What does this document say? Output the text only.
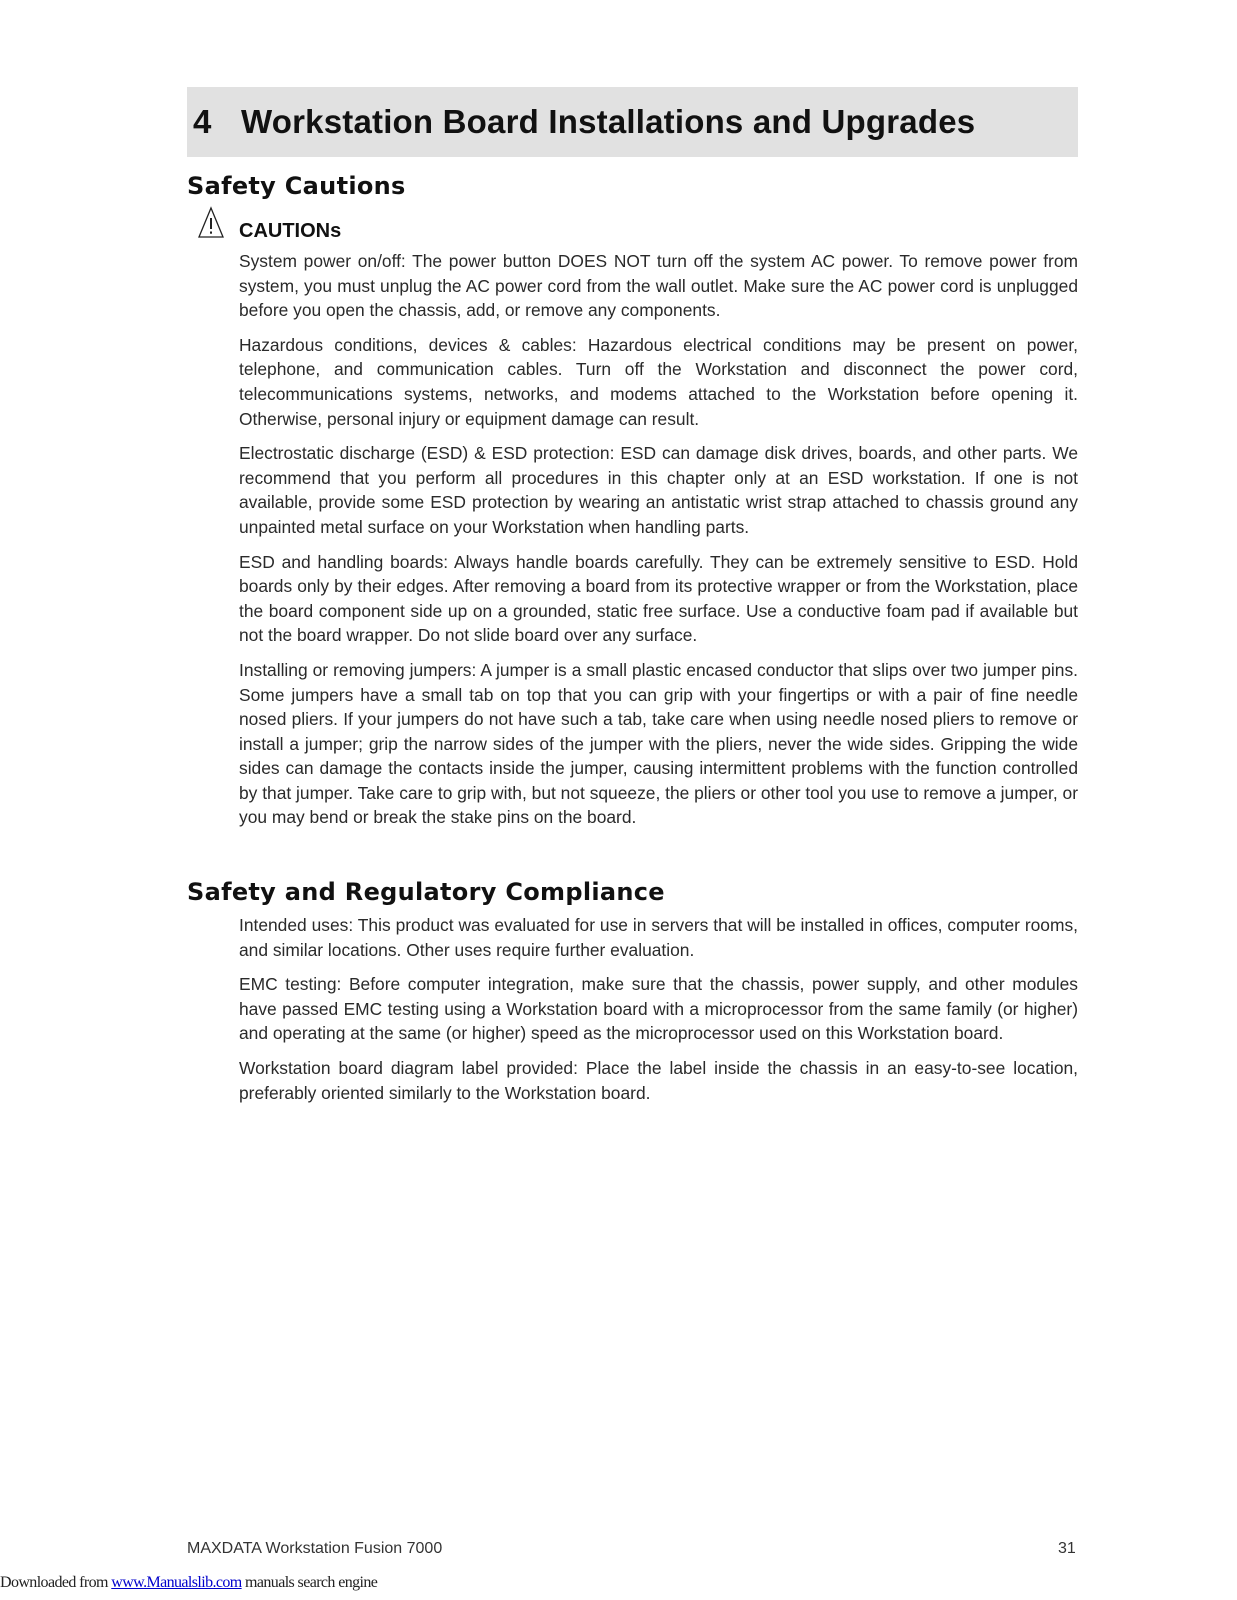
4 Workstation Board Installations and Upgrades
Safety Cautions
CAUTIONs

System power on/off: The power button DOES NOT turn off the system AC power. To remove power from system, you must unplug the AC power cord from the wall outlet. Make sure the AC power cord is unplugged before you open the chassis, add, or remove any components.

Hazardous conditions, devices & cables: Hazardous electrical conditions may be present on power, telephone, and communication cables. Turn off the Workstation and disconnect the power cord, telecommunications systems, networks, and modems attached to the Workstation before opening it. Otherwise, personal injury or equipment damage can result.

Electrostatic discharge (ESD) & ESD protection: ESD can damage disk drives, boards, and other parts. We recommend that you perform all procedures in this chapter only at an ESD workstation. If one is not available, provide some ESD protection by wearing an antistatic wrist strap attached to chassis ground any unpainted metal surface on your Workstation when handling parts.

ESD and handling boards: Always handle boards carefully. They can be extremely sensitive to ESD. Hold boards only by their edges. After removing a board from its protective wrapper or from the Workstation, place the board component side up on a grounded, static free surface. Use a conductive foam pad if available but not the board wrapper. Do not slide board over any surface.

Installing or removing jumpers: A jumper is a small plastic encased conductor that slips over two jumper pins. Some jumpers have a small tab on top that you can grip with your fingertips or with a pair of fine needle nosed pliers. If your jumpers do not have such a tab, take care when using needle nosed pliers to remove or install a jumper; grip the narrow sides of the jumper with the pliers, never the wide sides. Gripping the wide sides can damage the contacts inside the jumper, causing intermittent problems with the function controlled by that jumper. Take care to grip with, but not squeeze, the pliers or other tool you use to remove a jumper, or you may bend or break the stake pins on the board.

Safety and Regulatory Compliance

Intended uses: This product was evaluated for use in servers that will be installed in offices, computer rooms, and similar locations. Other uses require further evaluation.

EMC testing: Before computer integration, make sure that the chassis, power supply, and other modules have passed EMC testing using a Workstation board with a microprocessor from the same family (or higher) and operating at the same (or higher) speed as the microprocessor used on this Workstation board.

Workstation board diagram label provided: Place the label inside the chassis in an easy-to-see location, preferably oriented similarly to the Workstation board.

MAXDATA Workstation Fusion 7000	31
Downloaded from www.Manualslib.com manuals search engine
